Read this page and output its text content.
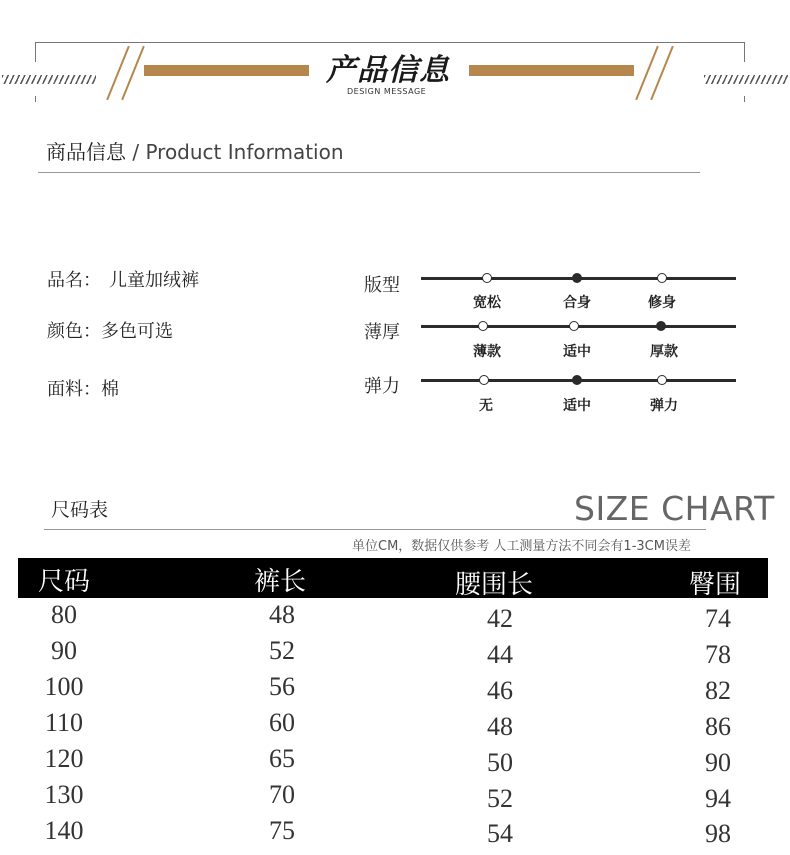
产品信息
DESIGN MESSAGE
商品信息 / Product Information
品名： 儿童加绒裤
颜色：多色可选
面料：棉
版型
宽松	合身	修身
薄厚
薄款	适中	厚款
弹力
无	适中	弹力
尺码表	SIZE CHART
单位CM，数据仅供参考 人工测量方法不同会有1-3CM误差
尺码	裤长	腰围长	臀围
80	48	42	74
90	52	44	78
100	56	46	82
110	60	48	86
120	65	50	90
130	70	52	94
140	75	54	98
